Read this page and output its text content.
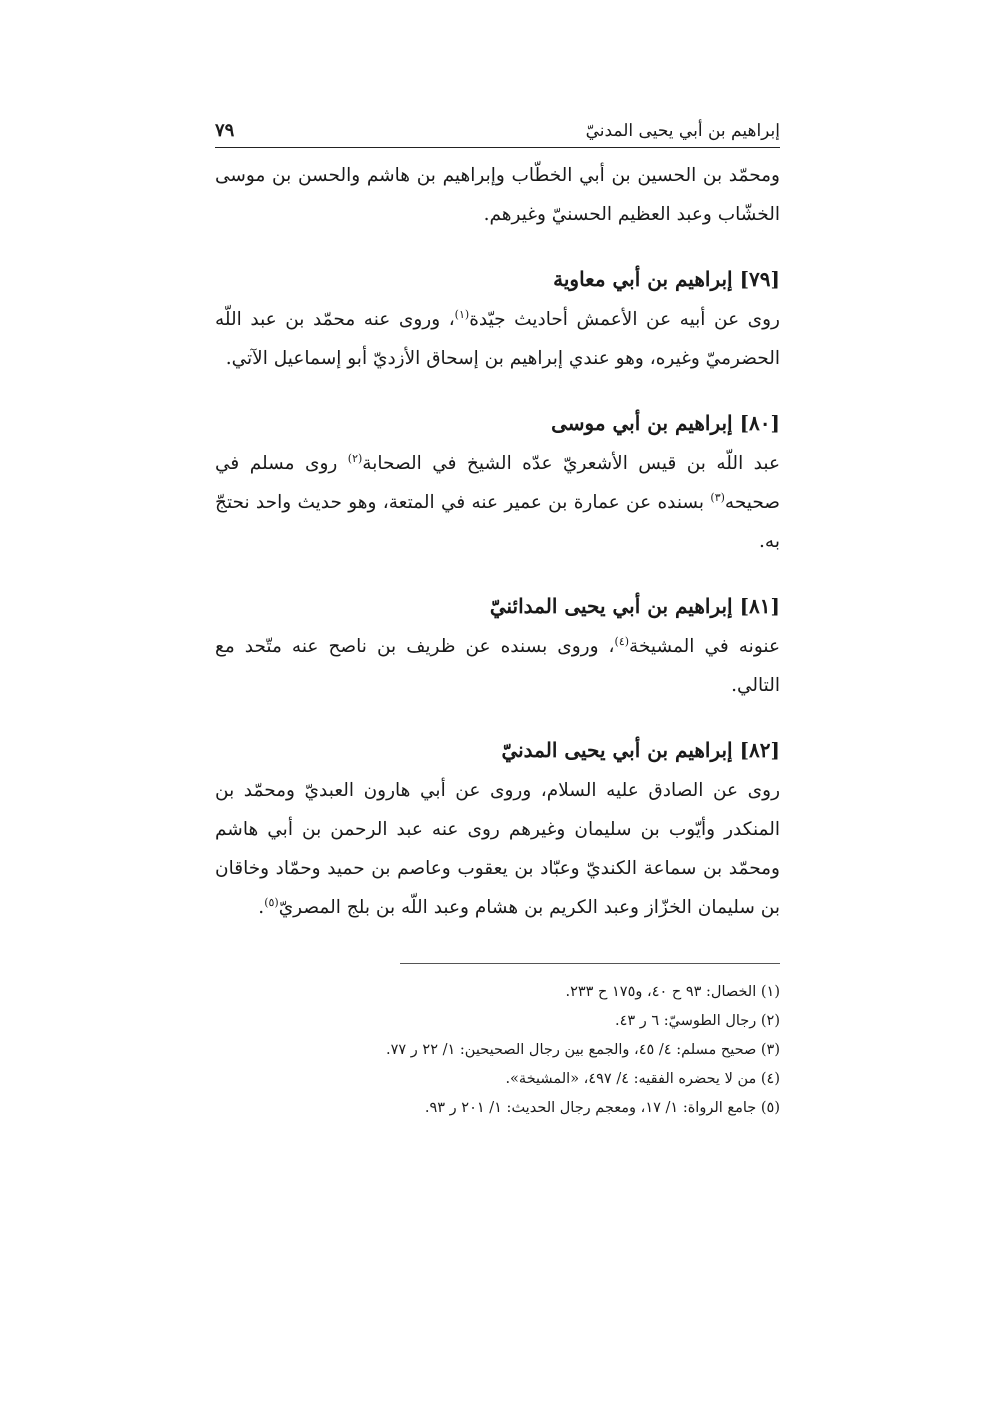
إبراهيم بن أبي يحيى المدنيّ
٧٩

ومحمّد بن الحسين بن أبي الخطّاب وإبراهيم بن هاشم والحسن بن موسى الخشّاب وعبد العظيم الحسنيّ وغيرهم.

[٧٩] إبراهيم بن أبي معاوية

روى عن أبيه عن الأعمش أحاديث جيّدة$^{(١)}$، وروى عنه محمّد بن عبد اللّه الحضرميّ وغيره، وهو عندي إبراهيم بن إسحاق الأزديّ أبو إسماعيل الآتي.

[٨٠] إبراهيم بن أبي موسى

عبد اللّه بن قيس الأشعريّ عدّه الشيخ في الصحابة$^{(٢)}$ روى مسلم في صحيحه$^{(٣)}$ بسنده عن عمارة بن عمير عنه في المتعة، وهو حديث واحد نحتجّ به.

[٨١] إبراهيم بن أبي يحيى المدائنيّ

عنونه في المشيخة$^{(٤)}$، وروى بسنده عن ظريف بن ناصح عنه متّحد مع التالي.

[٨٢] إبراهيم بن أبي يحيى المدنيّ

روى عن الصادق عليه السلام، وروى عن أبي هارون العبديّ ومحمّد بن المنكدر وأيّوب بن سليمان وغيرهم روى عنه عبد الرحمن بن أبي هاشم ومحمّد بن سماعة الكنديّ وعبّاد بن يعقوب وعاصم بن حميد وحمّاد وخاقان بن سليمان الخزّاز وعبد الكريم بن هشام وعبد اللّه بن بلج المصريّ$^{(٥)}$.

(١) الخصال: ٩٣ ح ٤٠، و١٧٥ ح ٢٣٣.
(٢) رجال الطوسيّ: ٦ ر ٤٣.
(٣) صحيح مسلم: ٤/ ٤٥، والجمع بين رجال الصحيحين: ١/ ٢٢ ر ٧٧.
(٤) من لا يحضره الفقيه: ٤/ ٤٩٧، «المشيخة».
(٥) جامع الرواة: ١/ ١٧، ومعجم رجال الحديث: ١/ ٢٠١ ر ٩٣.
